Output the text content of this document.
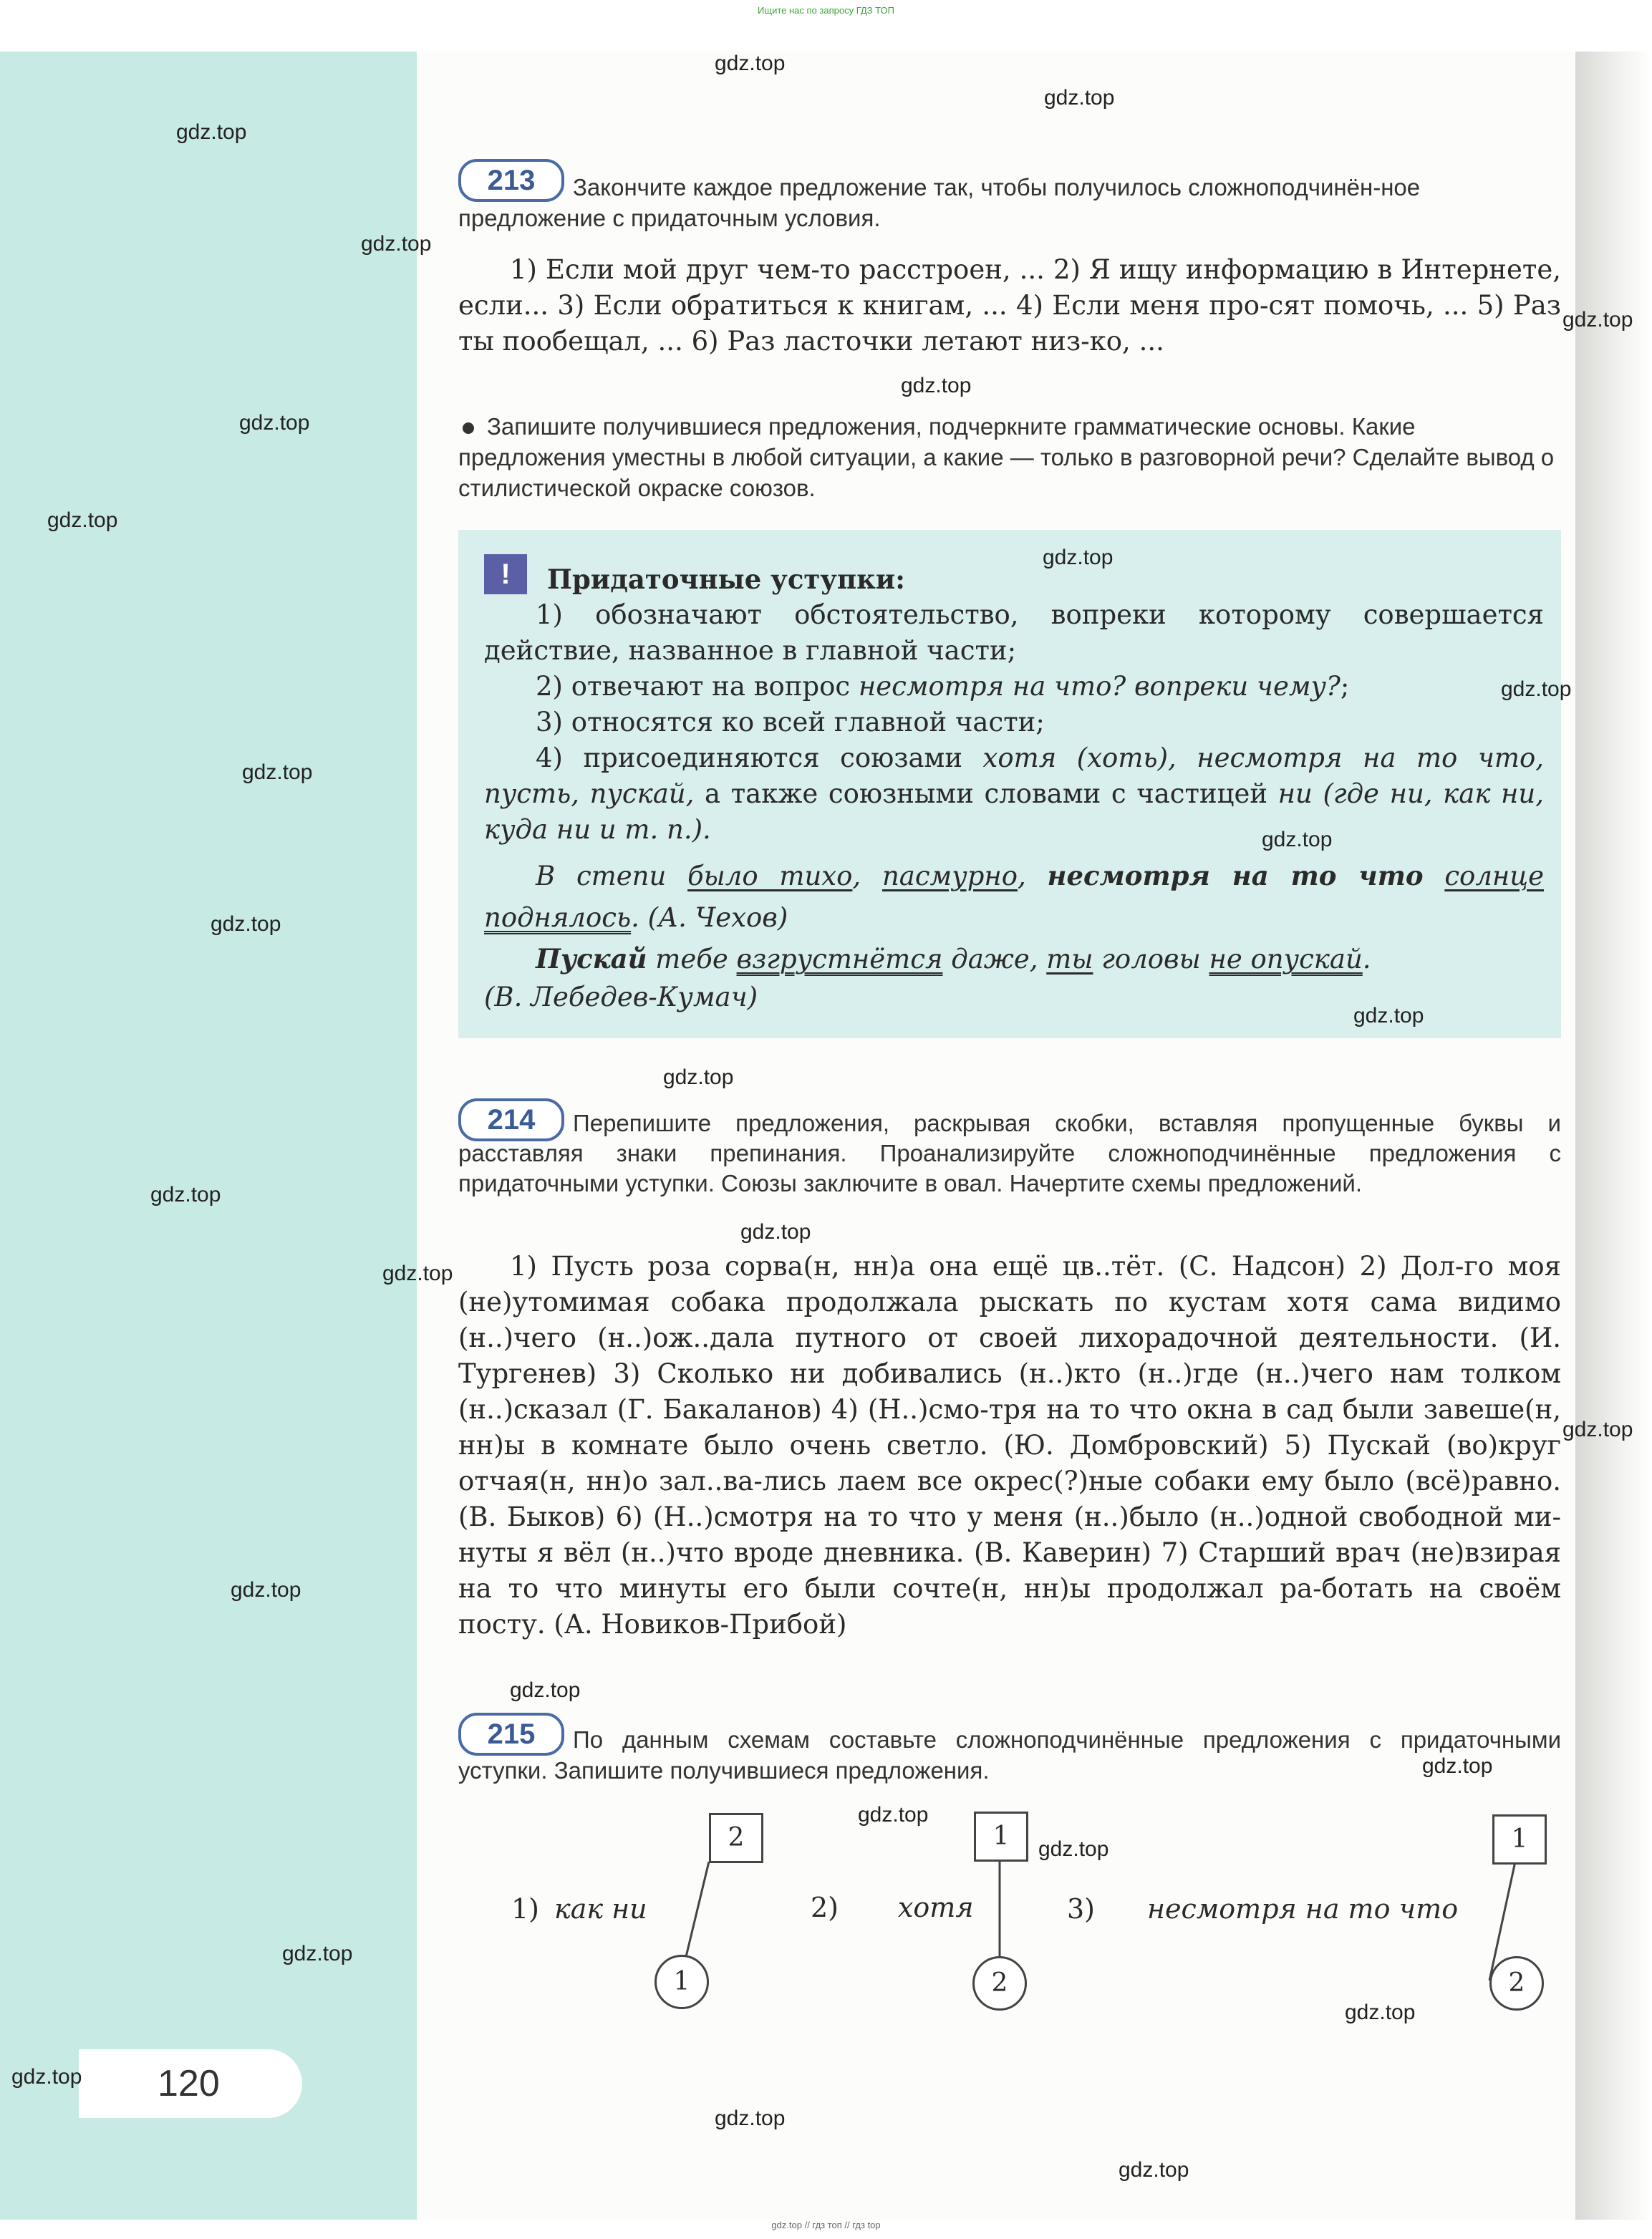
Ищите нас по запросу ГДЗ ТОП
120
213	Закончите каждое предложение так, чтобы получилось сложноподчинён-ное предложение с придаточным условия.
1) Если мой друг чем-то расстроен, ... 2) Я ищу информацию в Интернете, если... 3) Если обратиться к книгам, ... 4) Если меня про-сят помочь, ... 5) Раз ты пообещал, ... 6) Раз ласточки летают низ-ко, ...
Запишите получившиеся предложения, подчеркните грамматические основы. Какие предложения уместны в любой ситуации, а какие — только в разговорной речи? Сделайте вывод о стилистической окраске союзов.
!	Придаточные уступки:
1) обозначают обстоятельство, вопреки которому совершается действие, названное в главной части;
2) отвечают на вопрос несмотря на что? вопреки чему?;
3) относятся ко всей главной части;
4) присоединяются союзами хотя (хоть), несмотря на то что, пусть, пускай, а также союзными словами с частицей ни (где ни, как ни, куда ни и т. п.).
В степи было тихо, пасмурно, несмотря на то что солнце поднялось. (А. Чехов)
Пускай тебе взгрустнётся даже, ты головы не опускай.
(В. Лебедев-Кумач)
214	Перепишите предложения, раскрывая скобки, вставляя пропущенные буквы и расставляя знаки препинания. Проанализируйте сложноподчинённые предложения с придаточными уступки. Союзы заключите в овал. Начертите схемы предложений.
1) Пусть роза сорва(н, нн)а она ещё цв..тёт. (С. Надсон) 2) Дол-го моя (не)утомимая собака продолжала рыскать по кустам хотя сама видимо (н..)чего (н..)ож..дала путного от своей лихорадочной деятельности. (И. Тургенев) 3) Сколько ни добивались (н..)кто (н..)где (н..)чего нам толком (н..)сказал (Г. Бакаланов) 4) (Н..)смо-тря на то что окна в сад были завеше(н, нн)ы в комнате было очень светло. (Ю. Домбровский) 5) Пускай (во)круг отчая(н, нн)о зал..ва-лись лаем все окрес(?)ные собаки ему было (всё)равно. (В. Быков) 6) (Н..)смотря на то что у меня (н..)было (н..)одной свободной ми-нуты я вёл (н..)что вроде дневника. (В. Каверин) 7) Старший врач (не)взирая на то что минуты его были сочте(н, нн)ы продолжал ра-ботать на своём посту. (А. Новиков-Прибой)
215	По данным схемам составьте сложноподчинённые предложения с придаточными уступки. Запишите получившиеся предложения.
2
1) как ни
1
1
2) хотя
2
1
3) несмотря на то что
2
gdz.top
gdz.top
gdz.top
gdz.top
gdz.top
gdz.top
gdz.top
gdz.top
gdz.top
gdz.top
gdz.top
gdz.top
gdz.top
gdz.top
gdz.top
gdz.top
gdz.top
gdz.top
gdz.top
gdz.top
gdz.top
gdz.top
gdz.top
gdz.top
gdz.top
gdz.top
gdz.top
gdz.top
gdz.top
gdz.top // гдз топ // гдз top
